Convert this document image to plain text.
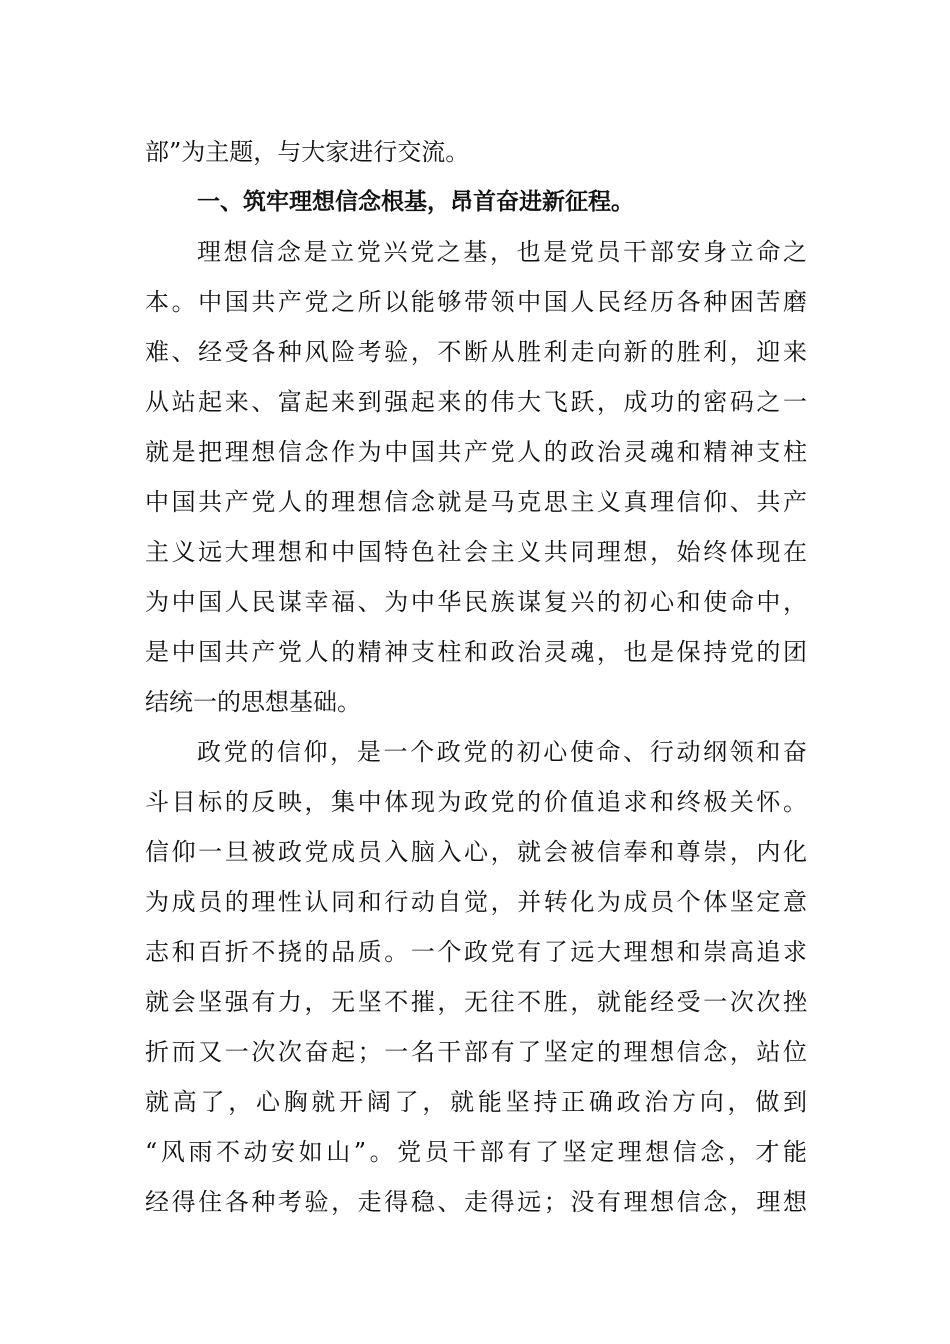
部”为主题，与大家进行交流。
一、筑牢理想信念根基，昂首奋进新征程。
理想信念是立党兴党之基，也是党员干部安身立命之
本。中国共产党之所以能够带领中国人民经历各种困苦磨
难、经受各种风险考验，不断从胜利走向新的胜利，迎来
从站起来、富起来到强起来的伟大飞跃，成功的密码之一
就是把理想信念作为中国共产党人的政治灵魂和精神支柱
中国共产党人的理想信念就是马克思主义真理信仰、共产
主义远大理想和中国特色社会主义共同理想，始终体现在
为中国人民谋幸福、为中华民族谋复兴的初心和使命中，
是中国共产党人的精神支柱和政治灵魂，也是保持党的团
结统一的思想基础。
政党的信仰，是一个政党的初心使命、行动纲领和奋
斗目标的反映，集中体现为政党的价值追求和终极关怀。
信仰一旦被政党成员入脑入心，就会被信奉和尊崇，内化
为成员的理性认同和行动自觉，并转化为成员个体坚定意
志和百折不挠的品质。一个政党有了远大理想和崇高追求
就会坚强有力，无坚不摧，无往不胜，就能经受一次次挫
折而又一次次奋起；一名干部有了坚定的理想信念，站位
就高了，心胸就开阔了，就能坚持正确政治方向，做到
“风雨不动安如山”。党员干部有了坚定理想信念，才能
经得住各种考验，走得稳、走得远；没有理想信念，理想
